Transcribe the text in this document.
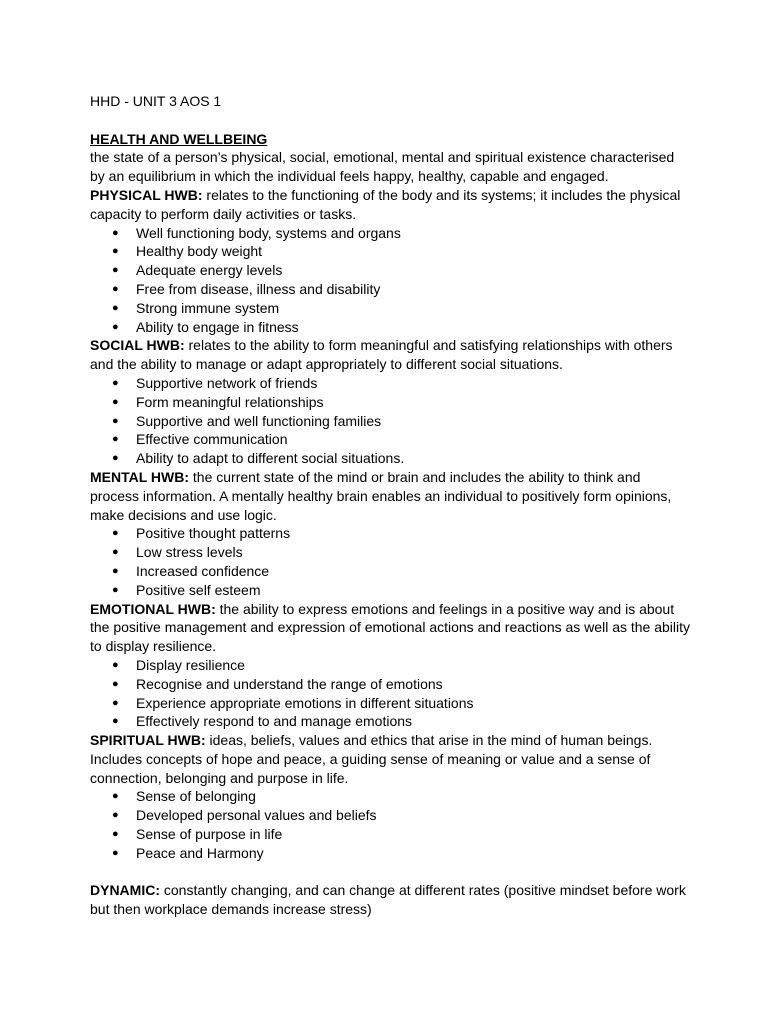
HHD - UNIT 3 AOS 1

HEALTH AND WELLBEING

the state of a person’s physical, social, emotional, mental and spiritual existence characterised by an equilibrium in which the individual feels happy, healthy, capable and engaged.

PHYSICAL HWB: relates to the functioning of the body and its systems; it includes the physical capacity to perform daily activities or tasks.

● Well functioning body, systems and organs
● Healthy body weight
● Adequate energy levels
● Free from disease, illness and disability
● Strong immune system
● Ability to engage in fitness

SOCIAL HWB: relates to the ability to form meaningful and satisfying relationships with others and the ability to manage or adapt appropriately to different social situations.

● Supportive network of friends
● Form meaningful relationships
● Supportive and well functioning families
● Effective communication
● Ability to adapt to different social situations.

MENTAL HWB: the current state of the mind or brain and includes the ability to think and process information. A mentally healthy brain enables an individual to positively form opinions, make decisions and use logic.

● Positive thought patterns
● Low stress levels
● Increased confidence
● Positive self esteem

EMOTIONAL HWB: the ability to express emotions and feelings in a positive way and is about the positive management and expression of emotional actions and reactions as well as the ability to display resilience.

● Display resilience
● Recognise and understand the range of emotions
● Experience appropriate emotions in different situations
● Effectively respond to and manage emotions

SPIRITUAL HWB: ideas, beliefs, values and ethics that arise in the mind of human beings. Includes concepts of hope and peace, a guiding sense of meaning or value and a sense of connection, belonging and purpose in life.

● Sense of belonging
● Developed personal values and beliefs
● Sense of purpose in life
● Peace and Harmony

DYNAMIC: constantly changing, and can change at different rates (positive mindset before work but then workplace demands increase stress)
